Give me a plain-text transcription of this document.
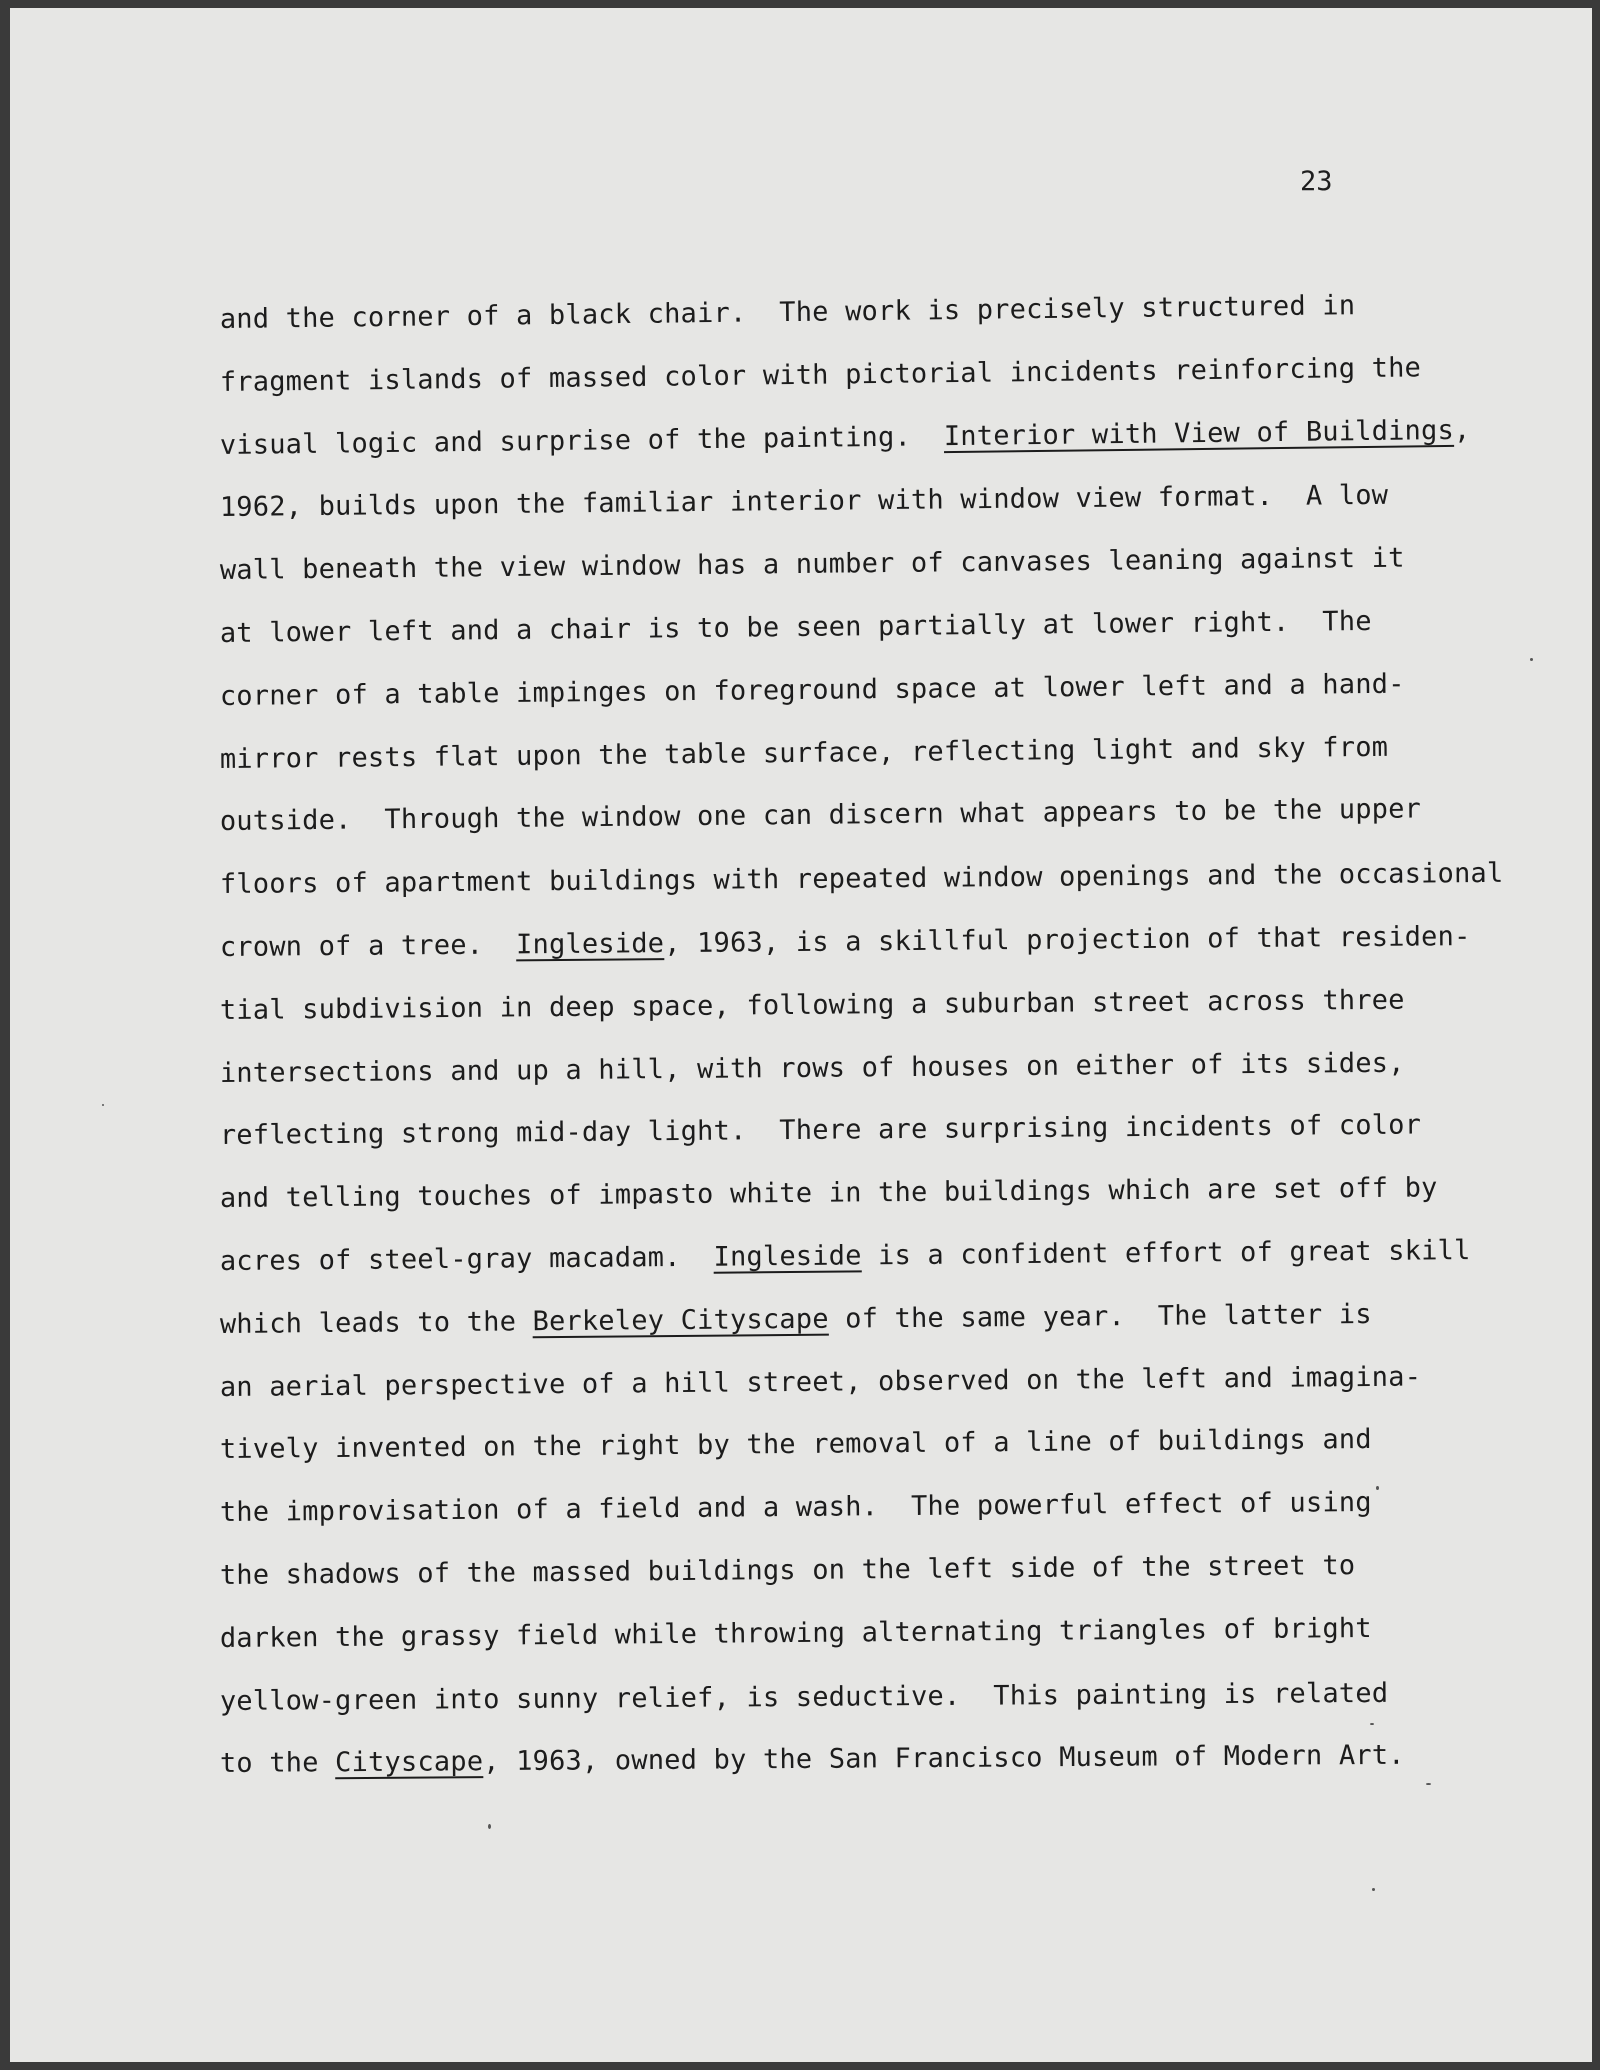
23
and the corner of a black chair.  The work is precisely structured in
fragment islands of massed color with pictorial incidents reinforcing the
visual logic and surprise of the painting.  Interior with View of Buildings,
1962, builds upon the familiar interior with window view format.  A low
wall beneath the view window has a number of canvases leaning against it
at lower left and a chair is to be seen partially at lower right.  The
corner of a table impinges on foreground space at lower left and a hand-
mirror rests flat upon the table surface, reflecting light and sky from
outside.  Through the window one can discern what appears to be the upper
floors of apartment buildings with repeated window openings and the occasional
crown of a tree.  Ingleside, 1963, is a skillful projection of that residen-
tial subdivision in deep space, following a suburban street across three
intersections and up a hill, with rows of houses on either of its sides,
reflecting strong mid-day light.  There are surprising incidents of color
and telling touches of impasto white in the buildings which are set off by
acres of steel-gray macadam.  Ingleside is a confident effort of great skill
which leads to the Berkeley Cityscape of the same year.  The latter is
an aerial perspective of a hill street, observed on the left and imagina-
tively invented on the right by the removal of a line of buildings and
the improvisation of a field and a wash.  The powerful effect of using
the shadows of the massed buildings on the left side of the street to
darken the grassy field while throwing alternating triangles of bright
yellow-green into sunny relief, is seductive.  This painting is related
to the Cityscape, 1963, owned by the San Francisco Museum of Modern Art.
